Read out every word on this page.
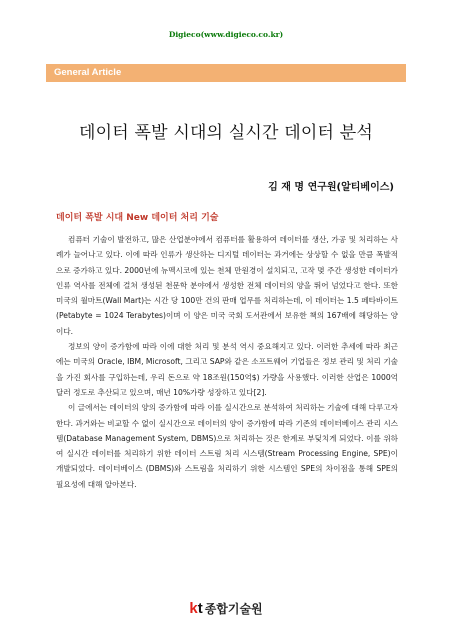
Digieco(www.digieco.co.kr)
General Article
데이터 폭발 시대의 실시간 데이터 분석
김 재 명 연구원(알티베이스)
데이터 폭발 시대 New 데이터 처리 기술

컴퓨터 기술이 발전하고, 많은 산업분야에서 컴퓨터를 활용하여 데이터를 생산, 가공 및 처리하는 사례가 늘어나고 있다. 이에 따라 인류가 생산하는 디지털 데이터는 과거에는 상상할 수 없을 만큼 폭발적으로 증가하고 있다. 2000년에 뉴멕시코에 있는 천체 만원경이 설치되고, 고작 몇 주간 생성한 데이터가 인류 역사를 전체에 걸쳐 생성된 천문학 분야에서 생성한 전체 데이터의 양을 뛰어 넘었다고 한다. 또한 미국의 월마트(Wall Mart)는 시간 당 100만 건의 판매 업무를 처리하는데, 이 데이터는 1.5 페타바이트 (Petabyte = 1024 Terabytes)이며 이 양은 미국 국회 도서관에서 보유한 책의 167배에 해당하는 양이다.

정보의 양이 증가함에 따라 이에 대한 처리 및 분석 역시 중요해지고 있다. 이러한 추세에 따라 최근에는 미국의 Oracle, IBM, Microsoft, 그리고 SAP와 같은 소프트웨어 기업들은 정보 관리 및 처리 기술을 가진 회사를 구입하는데, 우리 돈으로 약 18조원(150억$) 가량을 사용했다. 이러한 산업은 1000억 달러 정도로 추산되고 있으며, 매년 10%가량 성장하고 있다[2].

이 글에서는 데이터의 양의 증가함에 따라 이를 실시간으로 분석하여 처리하는 기술에 대해 다루고자 한다. 과거와는 비교할 수 없이 실시간으로 데이터의 양이 증가함에 따라 기존의 데이터베이스 관리 시스템(Database Management System, DBMS)으로 처리하는 것은 한계로 부딪치게 되었다. 이를 위하여 실시간 데이터를 처리하기 위한 데이터 스트림 처리 시스템(Stream Processing Engine, SPE)이 개발되었다. 데이터베이스 (DBMS)와 스트림을 처리하기 위한 시스템인 SPE의 차이점을 통해 SPE의 필요성에 대해 알아본다.

kt 종합기술원
